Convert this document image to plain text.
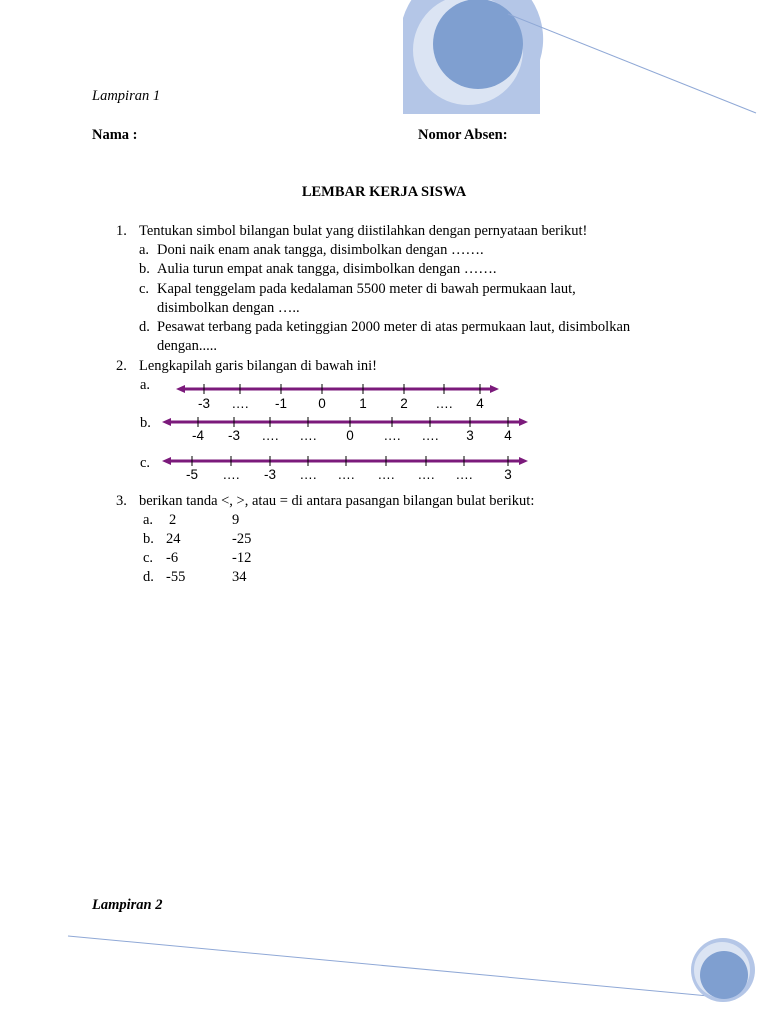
Lampiran 1
Nama :	Nomor Absen:
LEMBAR KERJA SISWA
1. Tentukan simbol bilangan bulat yang diistilahkan dengan pernyataan berikut!
a. Doni naik enam anak tangga, disimbolkan dengan …….
b. Aulia turun empat anak tangga, disimbolkan dengan …….
c. Kapal tenggelam pada kedalaman 5500 meter di bawah permukaan laut,
disimbolkan dengan …..
d. Pesawat terbang pada ketinggian 2000 meter di atas permukaan laut, disimbolkan
dengan.....
2. Lengkapilah garis bilangan di bawah ini!
a.
b.
c.
-3 …. -1 0 1 2 …. 4
-4 -3 …. …. 0 …. …. 3 4
-5 …. -3 …. …. …. …. …. 3
3. berikan tanda <, >, atau = di antara pasangan bilangan bulat berikut:
a. 2	9
b. 24	-25
c. -6	-12
d. -55	34
Lampiran 2
